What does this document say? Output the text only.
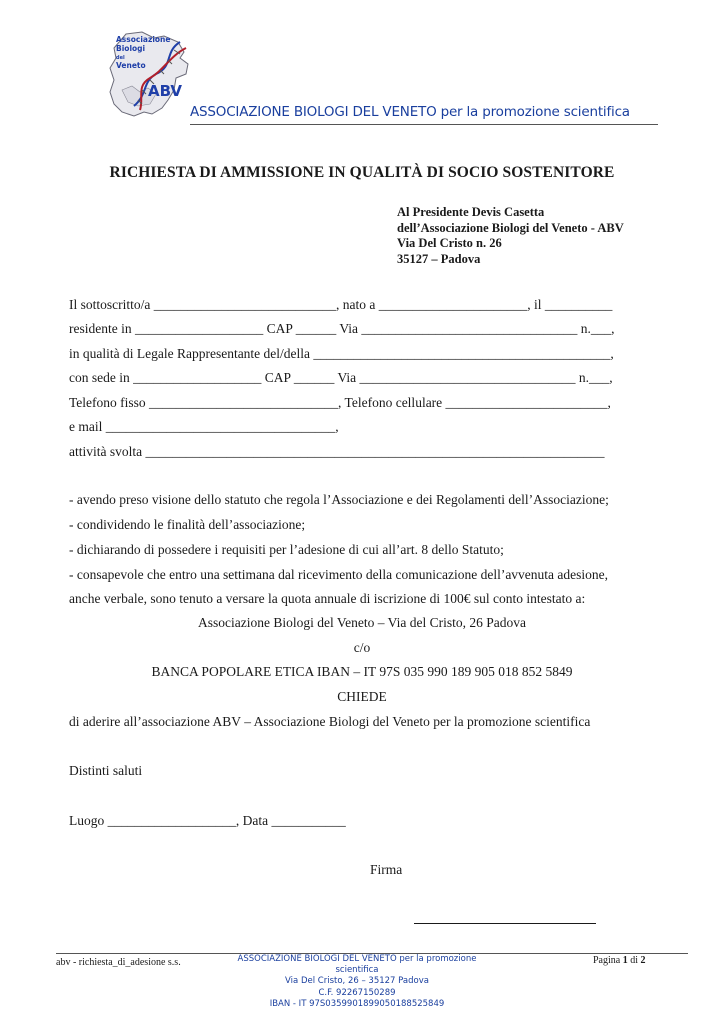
Associazione
Biologi
del
Veneto
ABV
ASSOCIAZIONE BIOLOGI DEL VENETO per la promozione scientifica
RICHIESTA DI AMMISSIONE IN QUALITÀ DI SOCIO SOSTENITORE
Al Presidente Devis Casetta
dell’Associazione Biologi del Veneto - ABV
Via Del Cristo n. 26
35127 – Padova
Il sottoscritto/a ___________________________, nato a ______________________, il __________
residente in ___________________ CAP ______ Via ________________________________ n.___,
in qualità di Legale Rappresentante del/della ____________________________________________,
con sede in ___________________ CAP ______ Via ________________________________ n.___,
Telefono fisso ____________________________, Telefono cellulare ________________________,
e mail __________________________________,
attività svolta ____________________________________________________________________
- avendo preso visione dello statuto che regola l’Associazione e dei Regolamenti dell’Associazione;
- condividendo le finalità dell’associazione;
- dichiarando di possedere i requisiti per l’adesione di cui all’art. 8 dello Statuto;
- consapevole che entro una settimana dal ricevimento della comunicazione dell’avvenuta adesione,
anche verbale, sono tenuto a versare la quota annuale di iscrizione di 100€ sul conto intestato a:
Associazione Biologi del Veneto – Via del Cristo, 26 Padova
c/o
BANCA POPOLARE ETICA IBAN – IT 97S 035 990 189 905 018 852 5849
CHIEDE
di aderire all’associazione ABV – Associazione Biologi del Veneto per la promozione scientifica
Distinti saluti
Luogo ___________________, Data ___________
Firma
abv - richiesta_di_adesione s.s.	ASSOCIAZIONE BIOLOGI DEL VENETO per la promozione scientifica
Via Del Cristo, 26 – 35127 Padova
C.F. 92267150289
IBAN - IT 97S0359901899050188525849
Pagina 1 di 2
